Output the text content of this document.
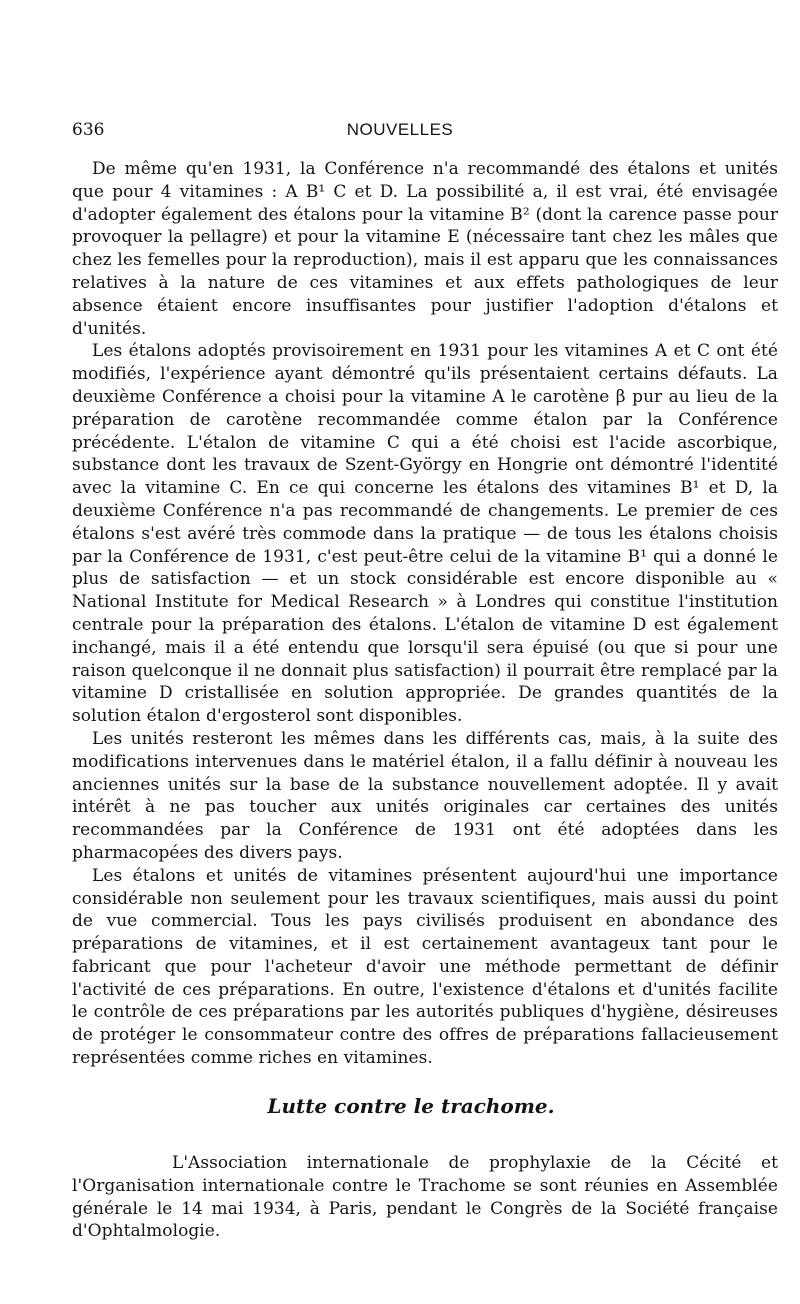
636	NOUVELLES

De même qu'en 1931, la Conférence n'a recommandé des étalons et unités que pour 4 vitamines : A B¹ C et D. La possibilité a, il est vrai, été envisagée d'adopter également des étalons pour la vitamine B² (dont la carence passe pour provoquer la pellagre) et pour la vitamine E (nécessaire tant chez les mâles que chez les femelles pour la reproduction), mais il est apparu que les connaissances relatives à la nature de ces vitamines et aux effets pathologiques de leur absence étaient encore insuffisantes pour justifier l'adoption d'étalons et d'unités.

Les étalons adoptés provisoirement en 1931 pour les vitamines A et C ont été modifiés, l'expérience ayant démontré qu'ils présentaient certains défauts. La deuxième Conférence a choisi pour la vitamine A le carotène β pur au lieu de la préparation de carotène recommandée comme étalon par la Conférence précédente. L'étalon de vitamine C qui a été choisi est l'acide ascorbique, substance dont les travaux de Szent-György en Hongrie ont démontré l'identité avec la vitamine C. En ce qui concerne les étalons des vitamines B¹ et D, la deuxième Conférence n'a pas recommandé de changements. Le premier de ces étalons s'est avéré très commode dans la pratique — de tous les étalons choisis par la Conférence de 1931, c'est peut-être celui de la vitamine B¹ qui a donné le plus de satisfaction — et un stock considérable est encore disponible au « National Institute for Medical Research » à Londres qui constitue l'institution centrale pour la préparation des étalons. L'étalon de vitamine D est également inchangé, mais il a été entendu que lorsqu'il sera épuisé (ou que si pour une raison quelconque il ne donnait plus satisfaction) il pourrait être remplacé par la vitamine D cristallisée en solution appropriée. De grandes quantités de la solution étalon d'ergosterol sont disponibles.

Les unités resteront les mêmes dans les différents cas, mais, à la suite des modifications intervenues dans le matériel étalon, il a fallu définir à nouveau les anciennes unités sur la base de la substance nouvellement adoptée. Il y avait intérêt à ne pas toucher aux unités originales car certaines des unités recommandées par la Conférence de 1931 ont été adoptées dans les pharmacopées des divers pays.

Les étalons et unités de vitamines présentent aujourd'hui une importance considérable non seulement pour les travaux scientifiques, mais aussi du point de vue commercial. Tous les pays civilisés produisent en abondance des préparations de vitamines, et il est certainement avantageux tant pour le fabricant que pour l'acheteur d'avoir une méthode permettant de définir l'activité de ces préparations. En outre, l'existence d'étalons et d'unités facilite le contrôle de ces préparations par les autorités publiques d'hygiène, désireuses de protéger le consommateur contre des offres de préparations fallacieusement représentées comme riches en vitamines.

Lutte contre le trachome.

L'Association internationale de prophylaxie de la Cécité et l'Organisation internationale contre le Trachome se sont réunies en Assemblée générale le 14 mai 1934, à Paris, pendant le Congrès de la Société française d'Ophtalmologie.
